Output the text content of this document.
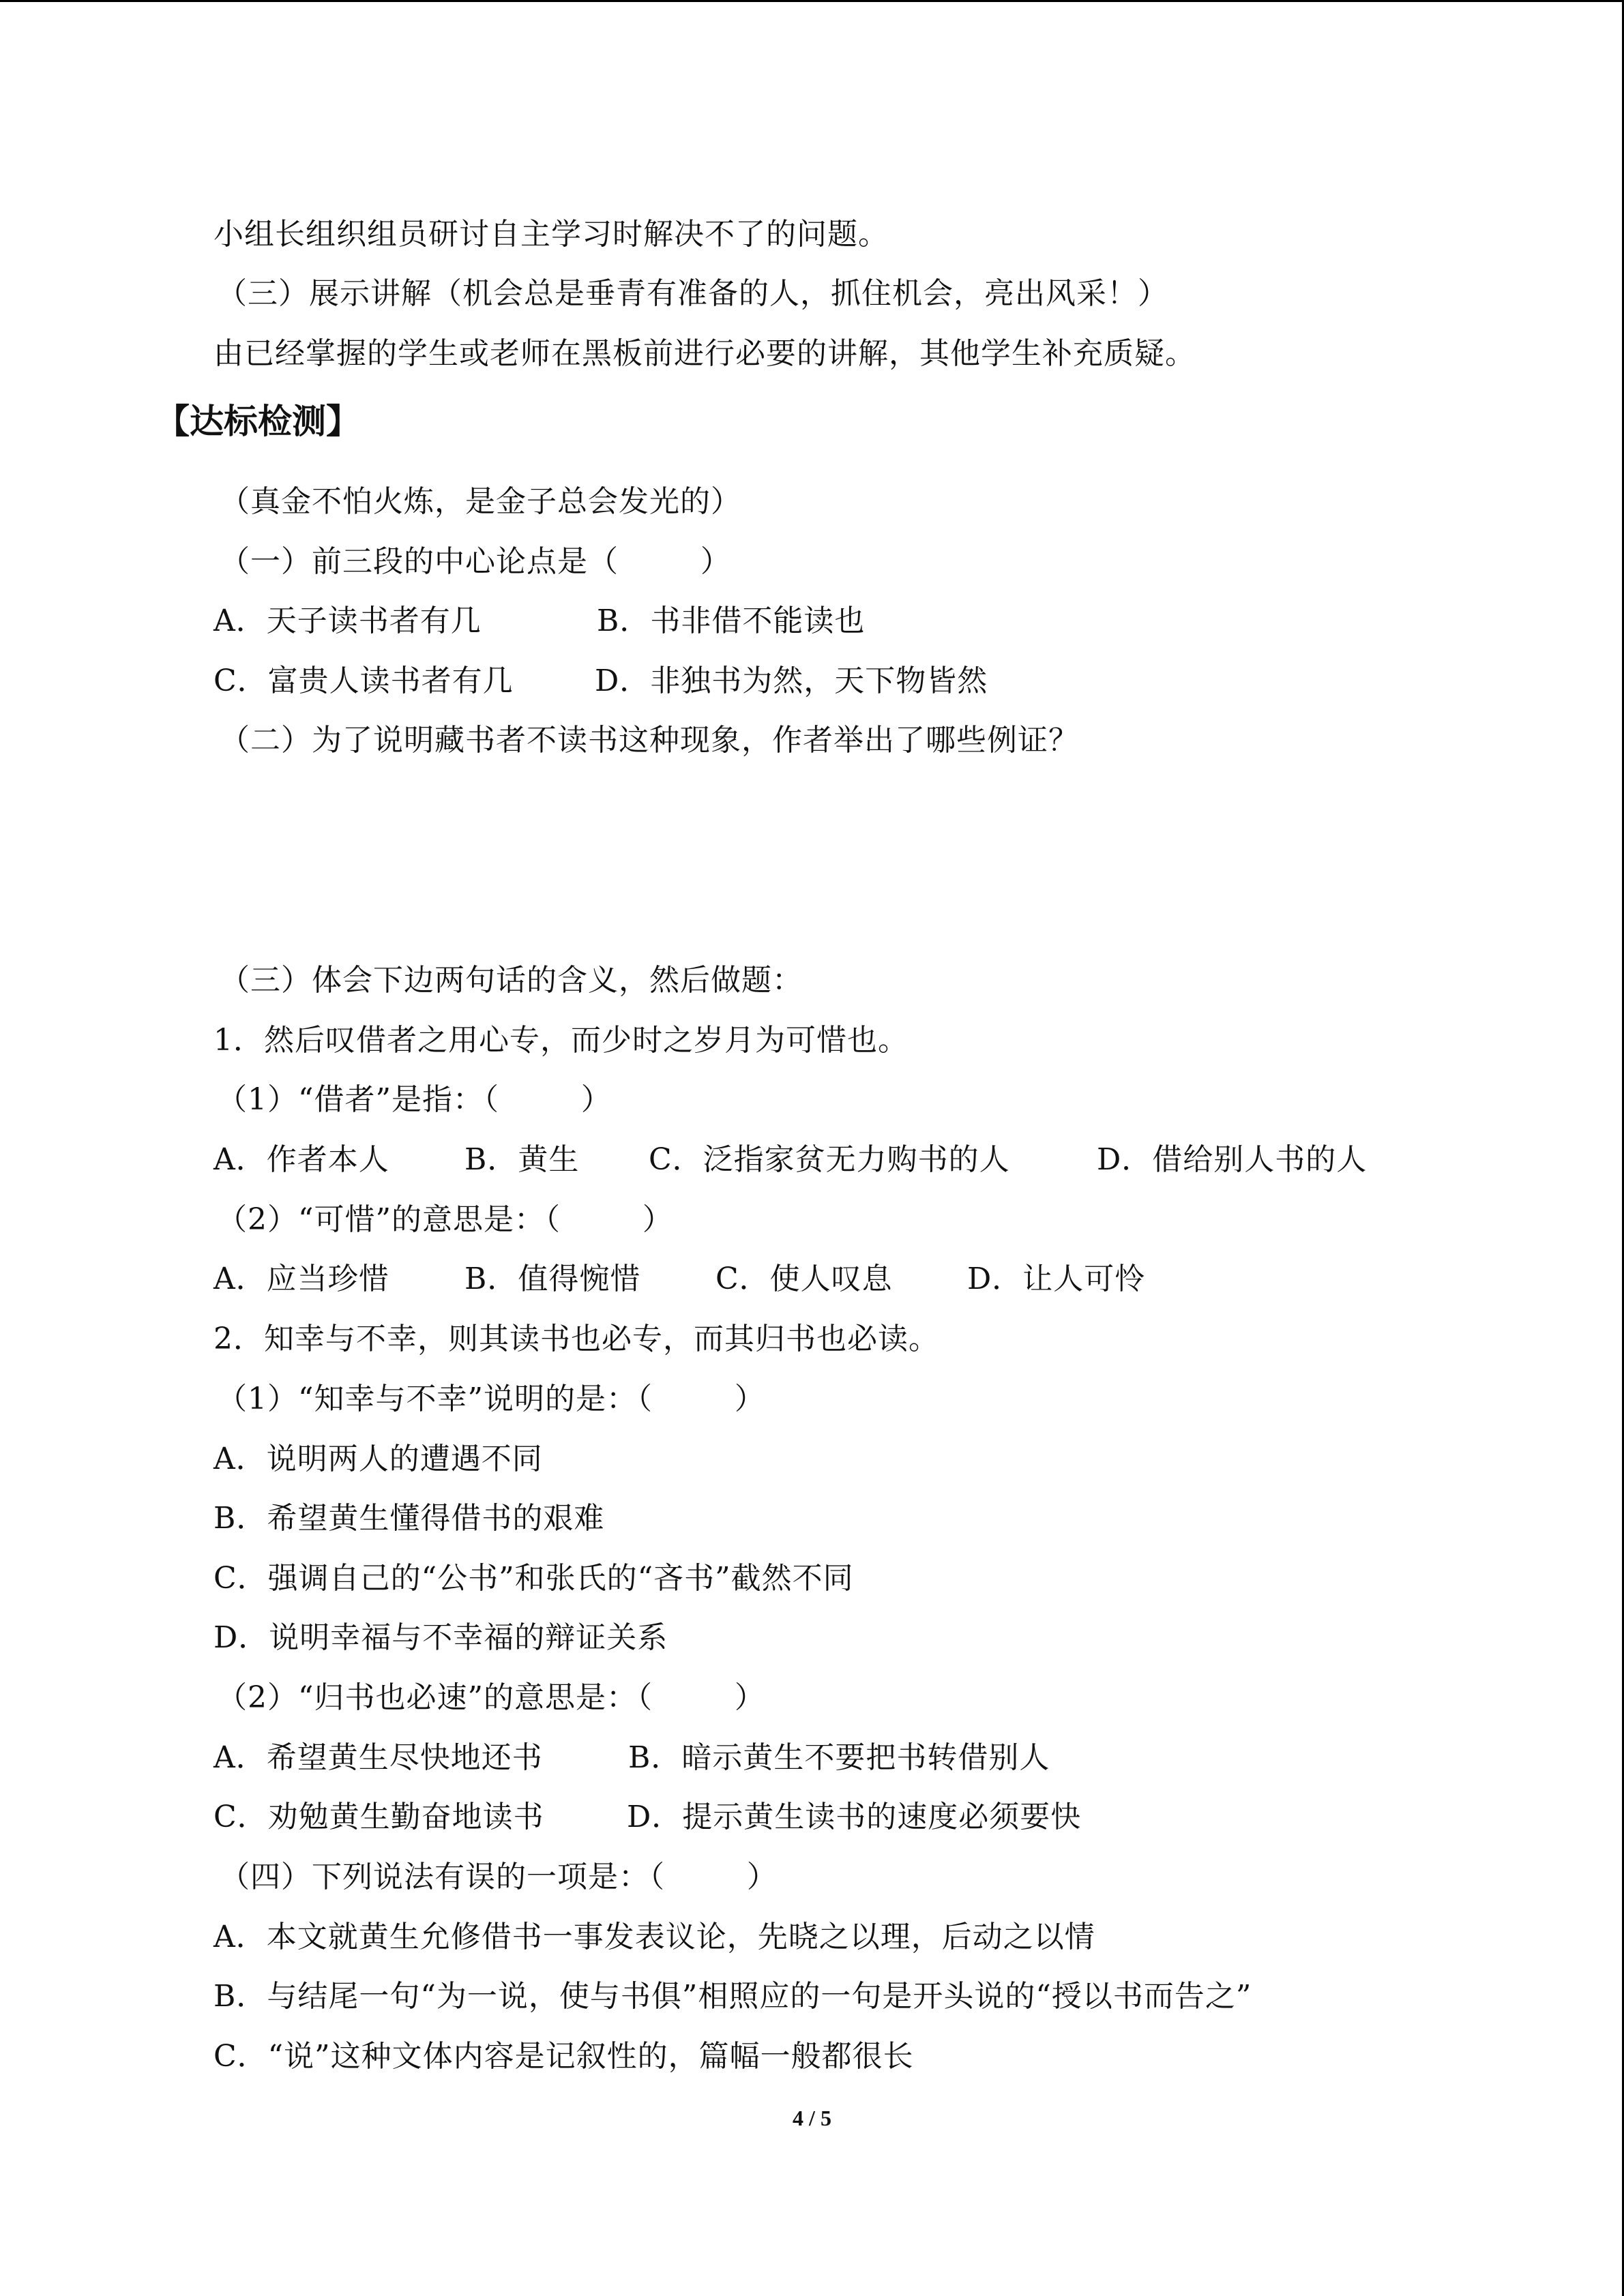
小组长组织组员研讨自主学习时解决不了的问题。
（三）展示讲解（机会总是垂青有准备的人，抓住机会，亮出风采！）
由已经掌握的学生或老师在黑板前进行必要的讲解，其他学生补充质疑。
【达标检测】
（真金不怕火炼，是金子总会发光的）
（一）前三段的中心论点是（        ）
A．天子读书者有几	B．书非借不能读也
C．富贵人读书者有几	D．非独书为然，天下物皆然
（二）为了说明藏书者不读书这种现象，作者举出了哪些例证？
（三）体会下边两句话的含义，然后做题：
1．然后叹借者之用心专，而少时之岁月为可惜也。
（1）“借者”是指：（        ）
A．作者本人	B．黄生 C．泛指家贫无力购书的人	D．借给别人书的人
（2）“可惜”的意思是：（        ）
A．应当珍惜	B．值得惋惜 C．使人叹息 D．让人可怜
2．知幸与不幸，则其读书也必专，而其归书也必读。
（1）“知幸与不幸”说明的是：（        ）
A．说明两人的遭遇不同
B．希望黄生懂得借书的艰难
C．强调自己的“公书”和张氏的“吝书”截然不同
D．说明幸福与不幸福的辩证关系
（2）“归书也必速”的意思是：（        ）
A．希望黄生尽快地还书	B．暗示黄生不要把书转借别人
C．劝勉黄生勤奋地读书	D．提示黄生读书的速度必须要快
（四）下列说法有误的一项是：（        ）
A．本文就黄生允修借书一事发表议论，先晓之以理，后动之以情
B．与结尾一句“为一说，使与书俱”相照应的一句是开头说的“授以书而告之”
C．“说”这种文体内容是记叙性的，篇幅一般都很长
4 / 5
